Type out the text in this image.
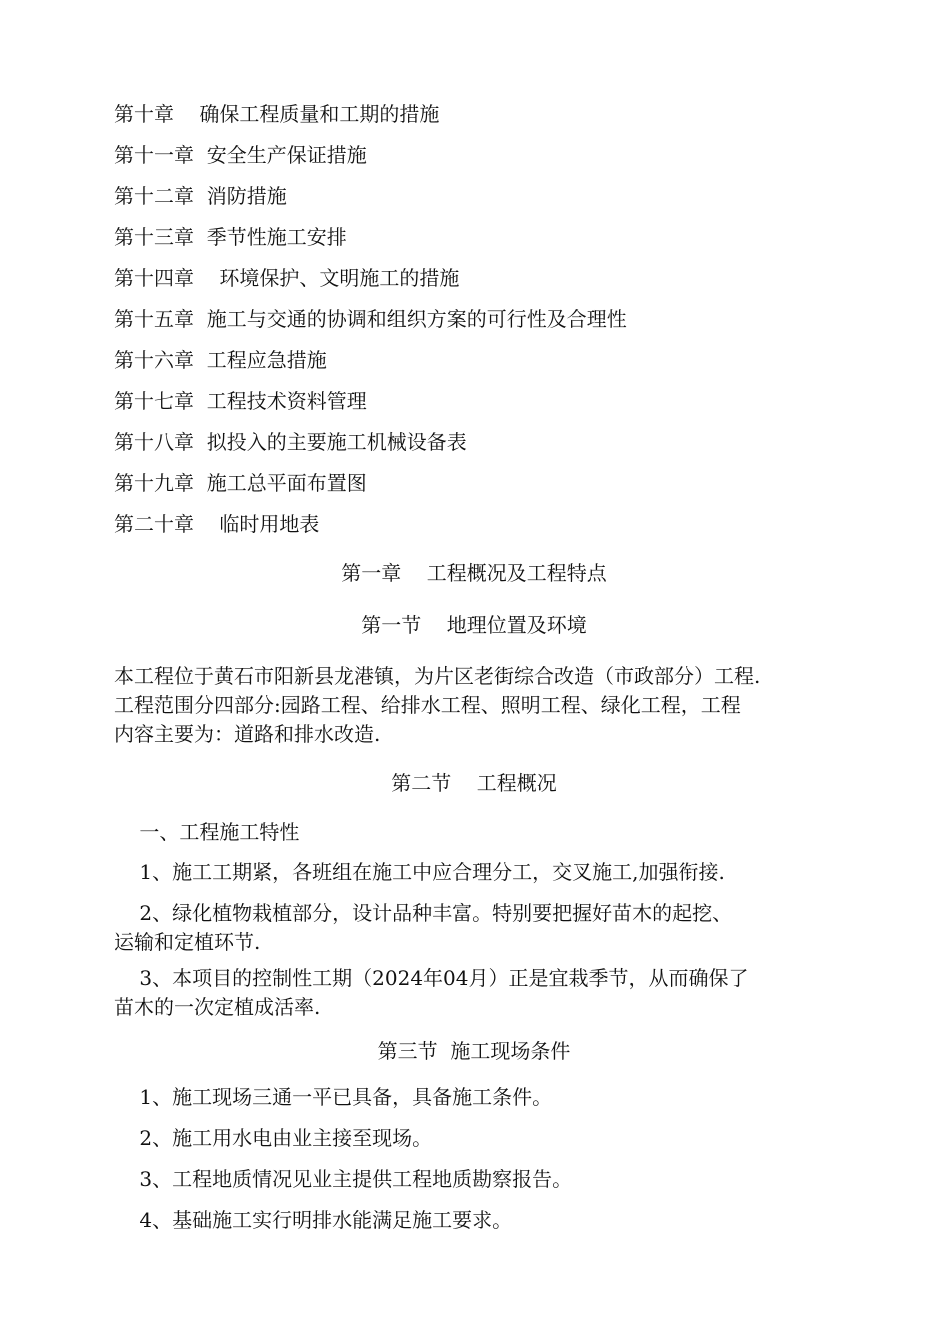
第十章    确保工程质量和工期的措施
第十一章  安全生产保证措施
第十二章  消防措施
第十三章  季节性施工安排
第十四章    环境保护、文明施工的措施
第十五章  施工与交通的协调和组织方案的可行性及合理性
第十六章  工程应急措施
第十七章  工程技术资料管理
第十八章  拟投入的主要施工机械设备表
第十九章  施工总平面布置图
第二十章    临时用地表
第一章    工程概况及工程特点
第一节    地理位置及环境
本工程位于黄石市阳新县龙港镇，为片区老街综合改造（市政部分）工程.
工程范围分四部分:园路工程、给排水工程、照明工程、绿化工程，工程
内容主要为：道路和排水改造.
第二节    工程概况
一、工程施工特性
1、施工工期紧，各班组在施工中应合理分工，交叉施工,加强衔接.
2、绿化植物栽植部分，设计品种丰富。特别要把握好苗木的起挖、
运输和定植环节.
3、本项目的控制性工期（2024年04月）正是宜栽季节，从而确保了
苗木的一次定植成活率.
第三节  施工现场条件
1、施工现场三通一平已具备，具备施工条件。
2、施工用水电由业主接至现场。
3、工程地质情况见业主提供工程地质勘察报告。
4、基础施工实行明排水能满足施工要求。
